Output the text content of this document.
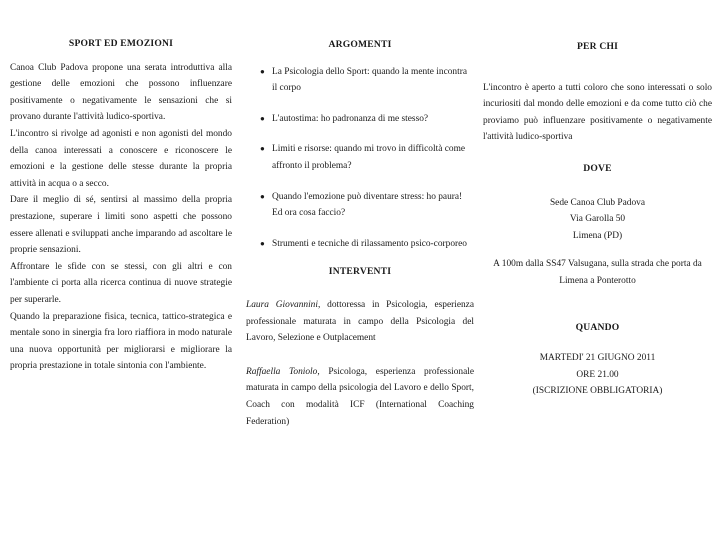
SPORT ED EMOZIONI

Canoa Club Padova propone una serata introduttiva alla gestione delle emozioni che possono influenzare positivamente o negativamente le sensazioni che si provano durante l'attività ludico-sportiva.

L'incontro si rivolge ad agonisti e non agonisti del mondo della canoa interessati a conoscere e riconoscere le emozioni e la gestione delle stesse durante la propria attività in acqua o a secco.

Dare il meglio di sé, sentirsi al massimo della propria prestazione, superare i limiti sono aspetti che possono essere allenati e sviluppati anche imparando ad ascoltare le proprie sensazioni.

Affrontare le sfide con se stessi, con gli altri e con l'ambiente ci porta alla ricerca continua di nuove strategie per superarle.

Quando la preparazione fisica, tecnica, tattico-strategica e mentale sono in sinergia fra loro riaffiora in modo naturale una nuova opportunità per migliorarsi e migliorare la propria prestazione in totale sintonia con l'ambiente.

ARGOMENTI
● La Psicologia dello Sport: quando la mente incontra il corpo
● L'autostima: ho padronanza di me stesso?
● Limiti e risorse: quando mi trovo in difficoltà come affronto il problema?
● Quando l'emozione può diventare stress: ho paura! Ed ora cosa faccio?
● Strumenti e tecniche di rilassamento psico-corporeo
INTERVENTI

Laura Giovannini, dottoressa in Psicologia, esperienza professionale maturata in campo della Psicologia del Lavoro, Selezione e Outplacement

Raffaella Toniolo, Psicologa, esperienza professionale maturata in campo della psicologia del Lavoro e dello Sport, Coach con modalità ICF (International Coaching Federation)

PER CHI

L'incontro è aperto a tutti coloro che sono interessati o solo incuriositi dal mondo delle emozioni e da come tutto ciò che proviamo può influenzare positivamente o negativamente l'attività ludico-sportiva

DOVE
Sede Canoa Club Padova
Via Garolla 50
Limena (PD)
A 100m dalla SS47 Valsugana, sulla strada che porta da Limena a Ponterotto
QUANDO
MARTEDI' 21 GIUGNO 2011
ORE 21.00
(ISCRIZIONE OBBLIGATORIA)
